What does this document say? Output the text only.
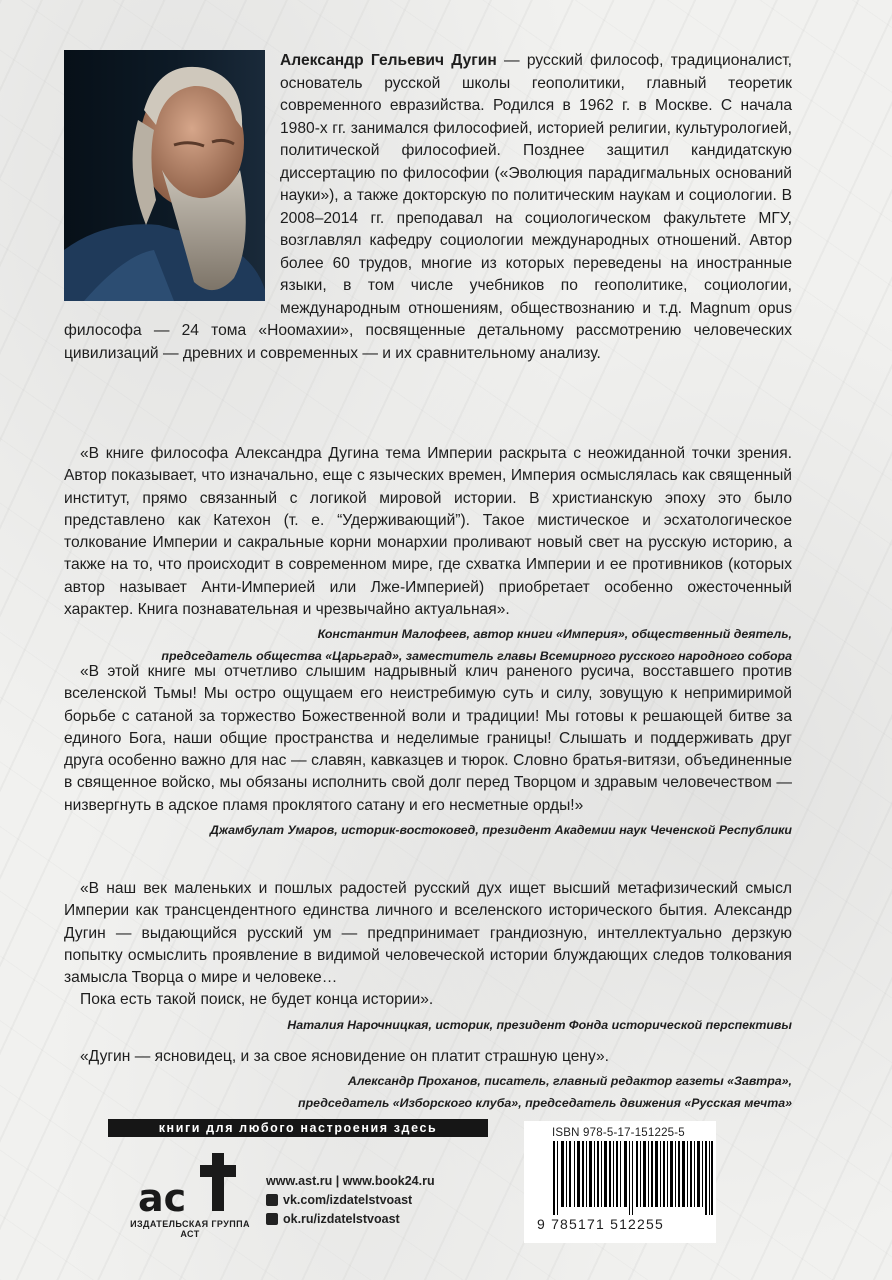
Александр Гельевич Дугин — русский философ, традиционалист, основатель русской школы геополитики, главный теоретик современного евразийства. Родился в 1962 г. в Москве. С начала 1980-х гг. занимался философией, историей религии, культурологией, политической философией. Позднее защитил кандидатскую диссертацию по философии («Эволюция парадигмальных оснований науки»), а также докторскую по политическим наукам и социологии. В 2008–2014 гг. преподавал на социологическом факультете МГУ, возглавлял кафедру социологии международных отношений. Автор более 60 трудов, многие из которых переведены на иностранные языки, в том числе учебников по геополитике, социологии, международным отношениям, обществознанию и т.д. Magnum opus философа — 24 тома «Ноомахии», посвященные детальному рассмотрению человеческих цивилизаций — древних и современных — и их сравнительному анализу.

«В книге философа Александра Дугина тема Империи раскрыта с неожиданной точки зрения. Автор показывает, что изначально, еще с языческих времен, Империя осмыслялась как священный институт, прямо связанный с логикой мировой истории. В христианскую эпоху это было представлено как Катехон (т. е. “Удерживающий”). Такое мистическое и эсхатологическое толкование Империи и сакральные корни монархии проливают новый свет на русскую историю, а также на то, что происходит в современном мире, где схватка Империи и ее противников (которых автор называет Анти-Империей или Лже-Империей) приобретает особенно ожесточенный характер. Книга познавательная и чрезвычайно актуальная».

Константин Малофеев, автор книги «Империя», общественный деятель,
председатель общества «Царьград», заместитель главы Всемирного русского народного собора

«В этой книге мы отчетливо слышим надрывный клич раненого русича, восставшего против вселенской Тьмы! Мы остро ощущаем его неистребимую суть и силу, зовущую к непримиримой борьбе с сатаной за торжество Божественной воли и традиции! Мы готовы к решающей битве за единого Бога, наши общие пространства и неделимые границы! Слышать и поддерживать друг друга особенно важно для нас — славян, кавказцев и тюрок. Словно братья-витязи, объединенные в священное войско, мы обязаны исполнить свой долг перед Творцом и здравым человечеством — низвергнуть в адское пламя проклятого сатану и его несметные орды!»

Джамбулат Умаров, историк-востоковед, президент Академии наук Чеченской Республики

«В наш век маленьких и пошлых радостей русский дух ищет высший метафизический смысл Империи как трансцендентного единства личного и вселенского исторического бытия. Александр Дугин — выдающийся русский ум — предпринимает грандиозную, интеллектуально дерзкую попытку осмыслить проявление в видимой человеческой истории блуждающих следов толкования замысла Творца о мире и человеке…

Пока есть такой поиск, не будет конца истории».

Наталия Нарочницкая, историк, президент Фонда исторической перспективы

«Дугин — ясновидец, и за свое ясновидение он платит страшную цену».

Александр Проханов, писатель, главный редактор газеты «Завтра»,
председатель «Изборского клуба», председатель движения «Русская мечта»
книги для любого настроения здесь
ac
ИЗДАТЕЛЬСКАЯ ГРУППА АСТ
www.ast.ru | www.book24.ru
vk.com/izdatelstvoast
ok.ru/izdatelstvoast
ISBN 978-5-17-151225-5
9 785171 512255
